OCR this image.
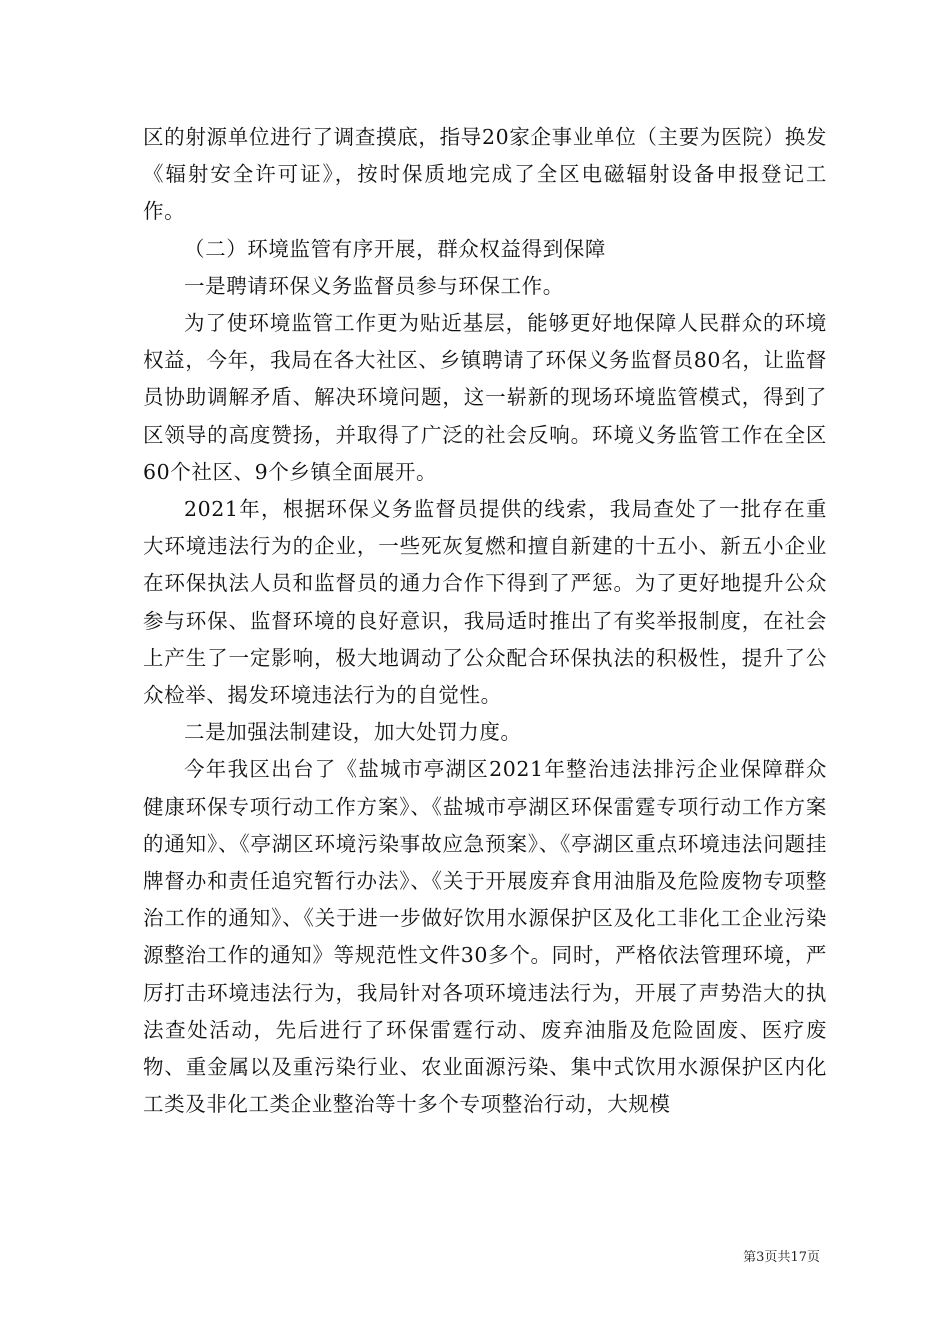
区的射源单位进行了调查摸底，指导20家企事业单位（主要为医院）换发《辐射安全许可证》，按时保质地完成了全区电磁辐射设备申报登记工作。

（二）环境监管有序开展，群众权益得到保障

一是聘请环保义务监督员参与环保工作。

为了使环境监管工作更为贴近基层，能够更好地保障人民群众的环境权益，今年，我局在各大社区、乡镇聘请了环保义务监督员80名，让监督员协助调解矛盾、解决环境问题，这一崭新的现场环境监管模式，得到了区领导的高度赞扬，并取得了广泛的社会反响。环境义务监管工作在全区60个社区、9个乡镇全面展开。

2021年，根据环保义务监督员提供的线索，我局查处了一批存在重大环境违法行为的企业，一些死灰复燃和擅自新建的十五小、新五小企业在环保执法人员和监督员的通力合作下得到了严惩。为了更好地提升公众参与环保、监督环境的良好意识，我局适时推出了有奖举报制度，在社会上产生了一定影响，极大地调动了公众配合环保执法的积极性，提升了公众检举、揭发环境违法行为的自觉性。

二是加强法制建设，加大处罚力度。

今年我区出台了《盐城市亭湖区2021年整治违法排污企业保障群众健康环保专项行动工作方案》、《盐城市亭湖区环保雷霆专项行动工作方案的通知》、《亭湖区环境污染事故应急预案》、《亭湖区重点环境违法问题挂牌督办和责任追究暂行办法》、《关于开展废弃食用油脂及危险废物专项整治工作的通知》、《关于进一步做好饮用水源保护区及化工非化工企业污染源整治工作的通知》等规范性文件30多个。同时，严格依法管理环境，严厉打击环境违法行为，我局针对各项环境违法行为，开展了声势浩大的执法查处活动，先后进行了环保雷霆行动、废弃油脂及危险固废、医疗废物、重金属以及重污染行业、农业面源污染、集中式饮用水源保护区内化工类及非化工类企业整治等十多个专项整治行动，大规模

第3页共17页
